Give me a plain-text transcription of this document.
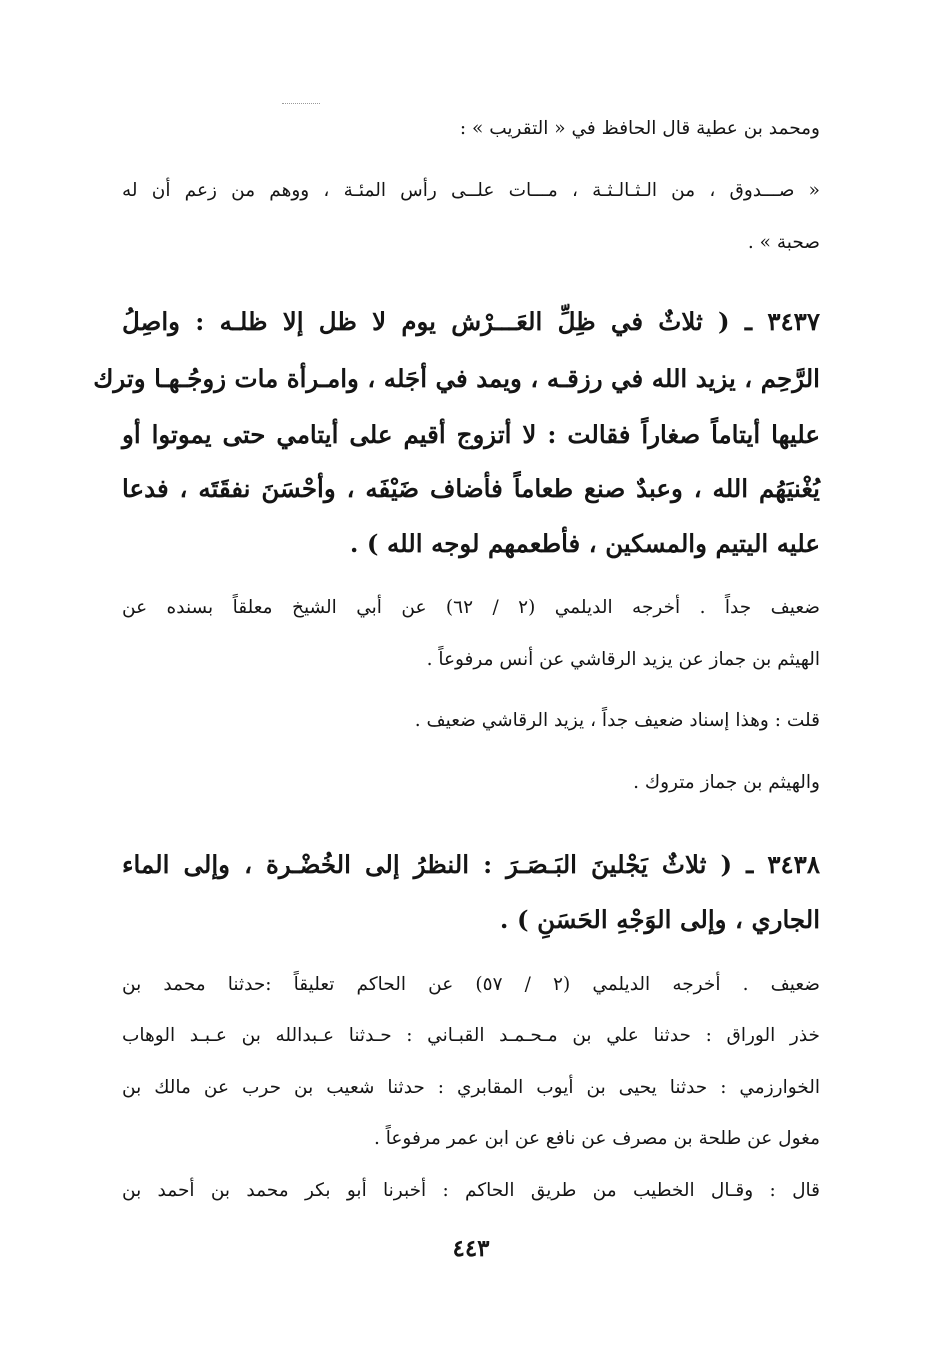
ومحمد بن عطية قال الحافظ في « التقريب » :
« صـــدوق ، من الـثـالـثـة ، مـــات علــى رأس المئـة ، ووهم من زعم أن له
صحبة » .
٣٤٣٧ ـ ( ثلاثٌ في ظِلِّ العَـــرْش يوم لا ظل إلا ظلـه : واصِلُ
الرَّحِم ، يزيد الله في رزقـه ، ويمد في أجَله ، وامـرأة مات زوجُـهـا وترك
عليها أيتاماً صغاراً فقالت : لا أتزوج أقيم على أيتامي حتى يموتوا أو
يُغْنيَهُم الله ، وعبدٌ صنع طعاماً فأضاف ضَيْفَه ، وأحْسَنَ نفقَتَه ، فدعا
عليه اليتيم والمسكين ، فأطعمهم لوجه الله ) .
ضعيف جداً . أخرجه الديلمي (٢ / ٦٢) عن أبي الشيخ معلقاً بسنده عن
الهيثم بن جماز عن يزيد الرقاشي عن أنس مرفوعاً .
قلت : وهذا إسناد ضعيف جداً ، يزيد الرقاشي ضعيف .
والهيثم بن جماز متروك .
٣٤٣٨ ـ ( ثلاثٌ يَجْلينَ البَـصَـرَ : النظرُ إلى الخُضْـرة ، وإلى الماء
الجاري ، وإلى الوَجْهِ الحَسَنِ ) .
ضعيف . أخرجه الديلمي (٢ / ٥٧) عن الحاكم تعليقاً :حدثنا محمد بن
خذر الوراق : حدثنا علي بن مـحـمـد القبـاني : حـدثنا عـبدالله بن عـبـد الوهاب
الخوارزمي : حدثنا يحيى بن أيوب المقابري : حدثنا شعيب بن حرب عن مالك بن
مغول عن طلحة بن مصرف عن نافع عن ابن عمر مرفوعاً .
قال : وقـال الخطيب من طريق الحاكم : أخبرنا أبو بكر محمد بن أحمد بن
٤٤٣
